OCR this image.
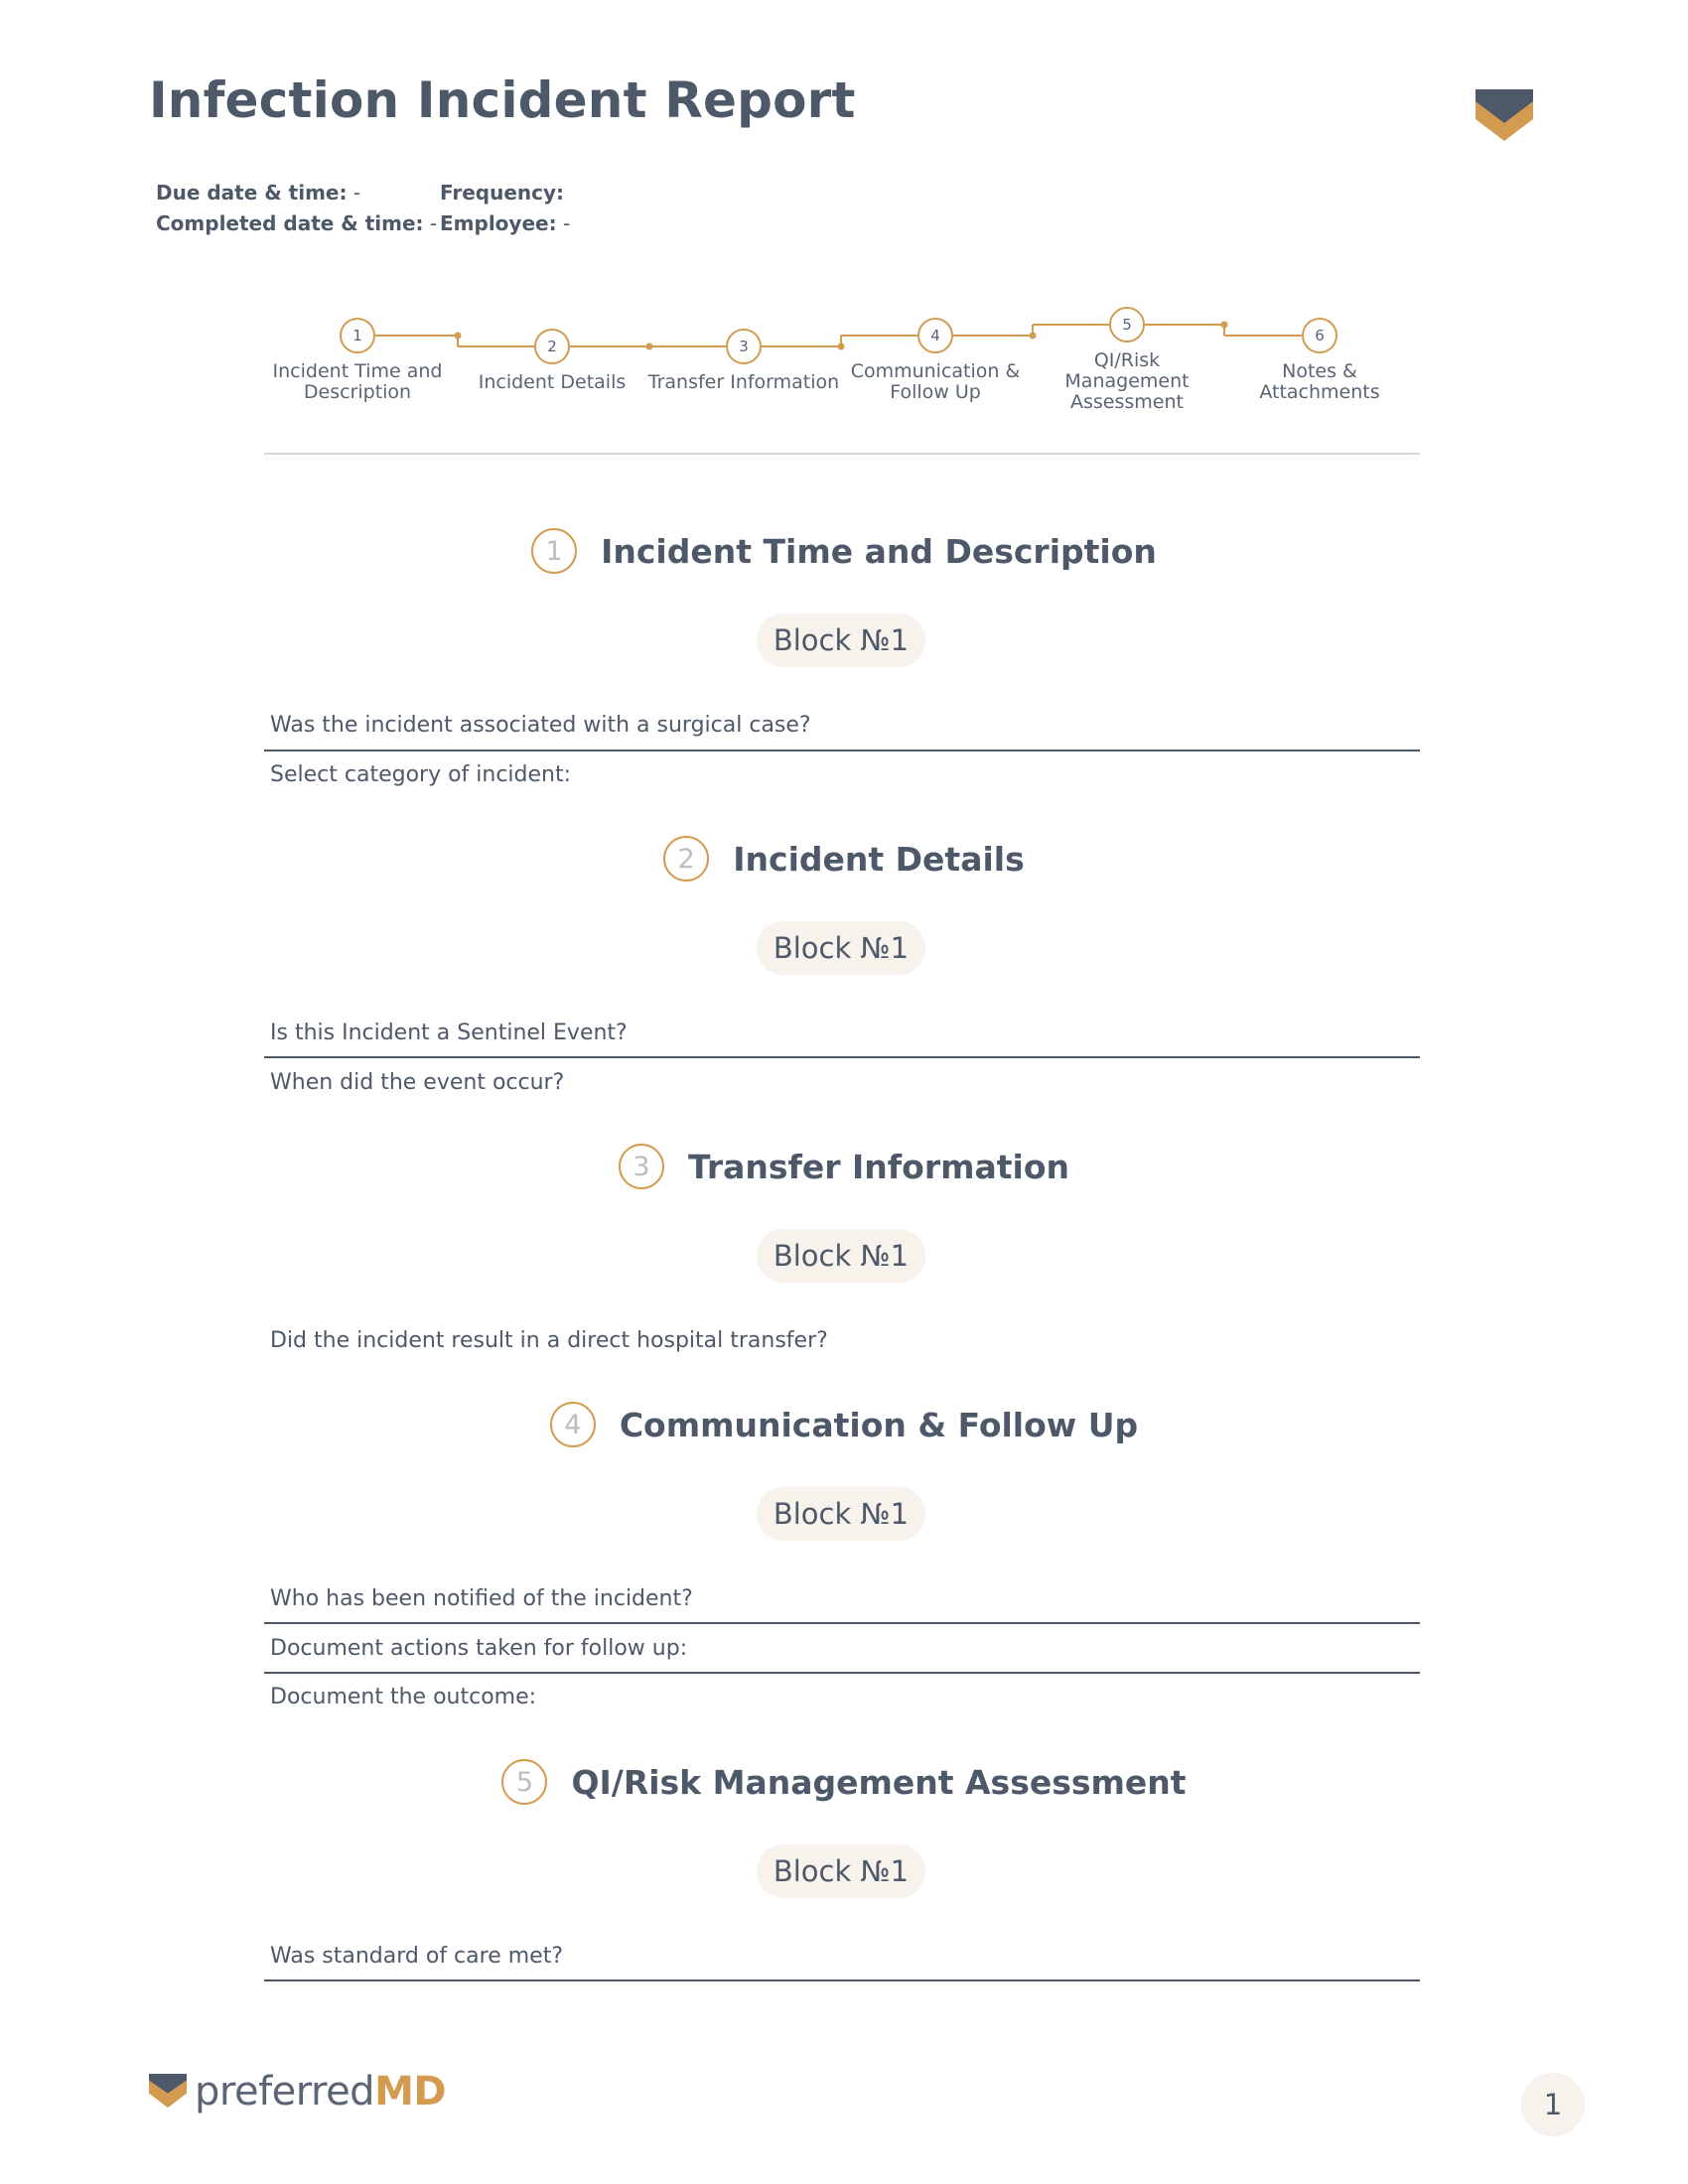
Infection Incident Report
Due date & time: -
Completed date & time: -
Frequency:
Employee: -
1
2	3
4
5
6
Incident Time and Description	Incident Details	Transfer Information Communication & Follow Up
QI/Risk Management Assessment
Notes & Attachments
1	Incident Time and Description
Block №1
Was the incident associated with a surgical case?
Select category of incident:
2	Incident Details
Block №1
Is this Incident a Sentinel Event?
When did the event occur?
3	Transfer Information
Block №1
Did the incident result in a direct hospital transfer?
4	Communication & Follow Up
Block №1
Who has been notified of the incident?
Document actions taken for follow up:
Document the outcome:
5	QI/Risk Management Assessment
Block №1
Was standard of care met?
preferredMD	1
